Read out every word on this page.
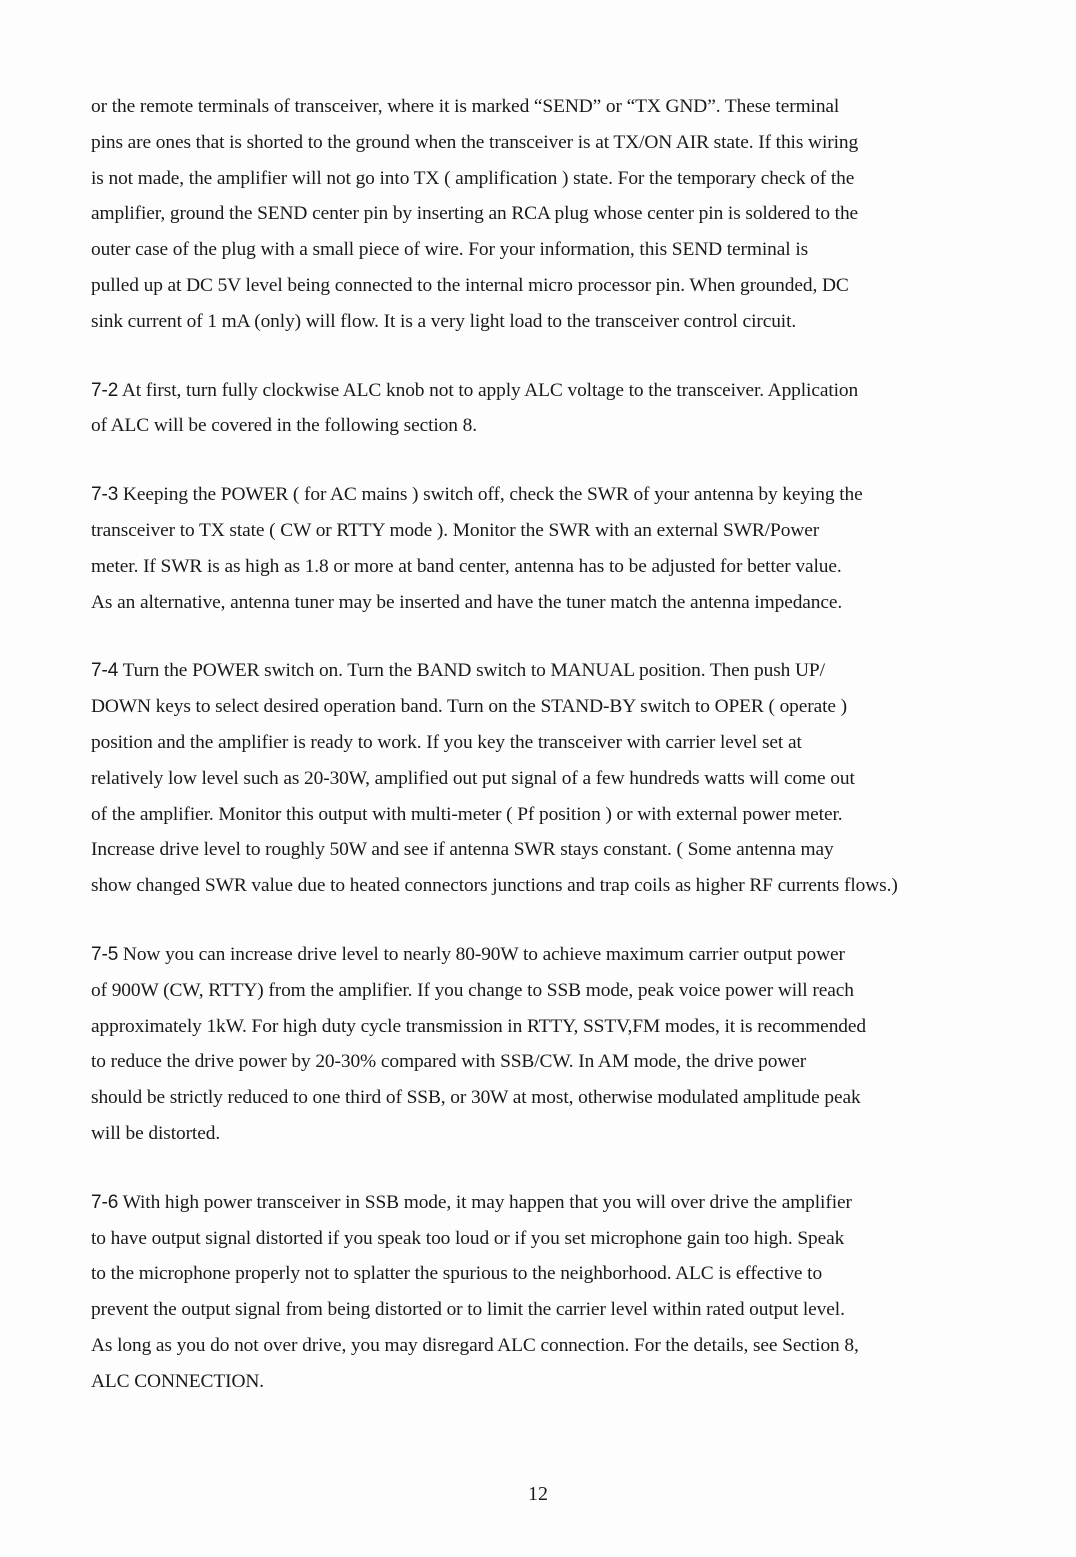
or the remote terminals of transceiver, where it is marked “SEND” or “TX GND”. These terminal
pins are ones that is shorted to the ground when the transceiver is at TX/ON AIR state. If this wiring
is not made, the amplifier will not go into TX ( amplification ) state. For the temporary check of the
amplifier, ground the SEND center pin by inserting an RCA plug whose center pin is soldered to the
outer case of the plug with a small piece of wire. For your information, this SEND terminal is
pulled up at DC 5V level being connected to the internal micro processor pin. When grounded, DC
sink current of 1 mA (only) will flow. It is a very light load to the transceiver control circuit.

7-2 At first, turn fully clockwise ALC knob not to apply ALC voltage to the transceiver. Application
of ALC will be covered in the following section 8.

7-3 Keeping the POWER ( for AC mains ) switch off, check the SWR of your antenna by keying the
transceiver to TX state ( CW or RTTY mode ). Monitor the SWR with an external SWR/Power
meter. If SWR is as high as 1.8 or more at band center, antenna has to be adjusted for better value.
As an alternative, antenna tuner may be inserted and have the tuner match the antenna impedance.

7-4 Turn the POWER switch on. Turn the BAND switch to MANUAL position. Then push UP/
DOWN keys to select desired operation band. Turn on the STAND-BY switch to OPER ( operate )
position and the amplifier is ready to work. If you key the transceiver with carrier level set at
relatively low level such as 20-30W, amplified out put signal of a few hundreds watts will come out
of the amplifier. Monitor this output with multi-meter ( Pf position ) or with external power meter.
Increase drive level to roughly 50W and see if antenna SWR stays constant. ( Some antenna may
show changed SWR value due to heated connectors junctions and trap coils as higher RF currents flows.)

7-5 Now you can increase drive level to nearly 80-90W to achieve maximum carrier output power
of 900W (CW, RTTY) from the amplifier. If you change to SSB mode, peak voice power will reach
approximately 1kW. For high duty cycle transmission in RTTY, SSTV,FM modes, it is recommended
to reduce the drive power by 20-30% compared with SSB/CW. In AM mode, the drive power
should be strictly reduced to one third of SSB, or 30W at most, otherwise modulated amplitude peak
will be distorted.

7-6 With high power transceiver in SSB mode, it may happen that you will over drive the amplifier
to have output signal distorted if you speak too loud or if you set microphone gain too high. Speak
to the microphone properly not to splatter the spurious to the neighborhood. ALC is effective to
prevent the output signal from being distorted or to limit the carrier level within rated output level.
As long as you do not over drive, you may disregard ALC connection. For the details, see Section 8,
ALC CONNECTION.

12
